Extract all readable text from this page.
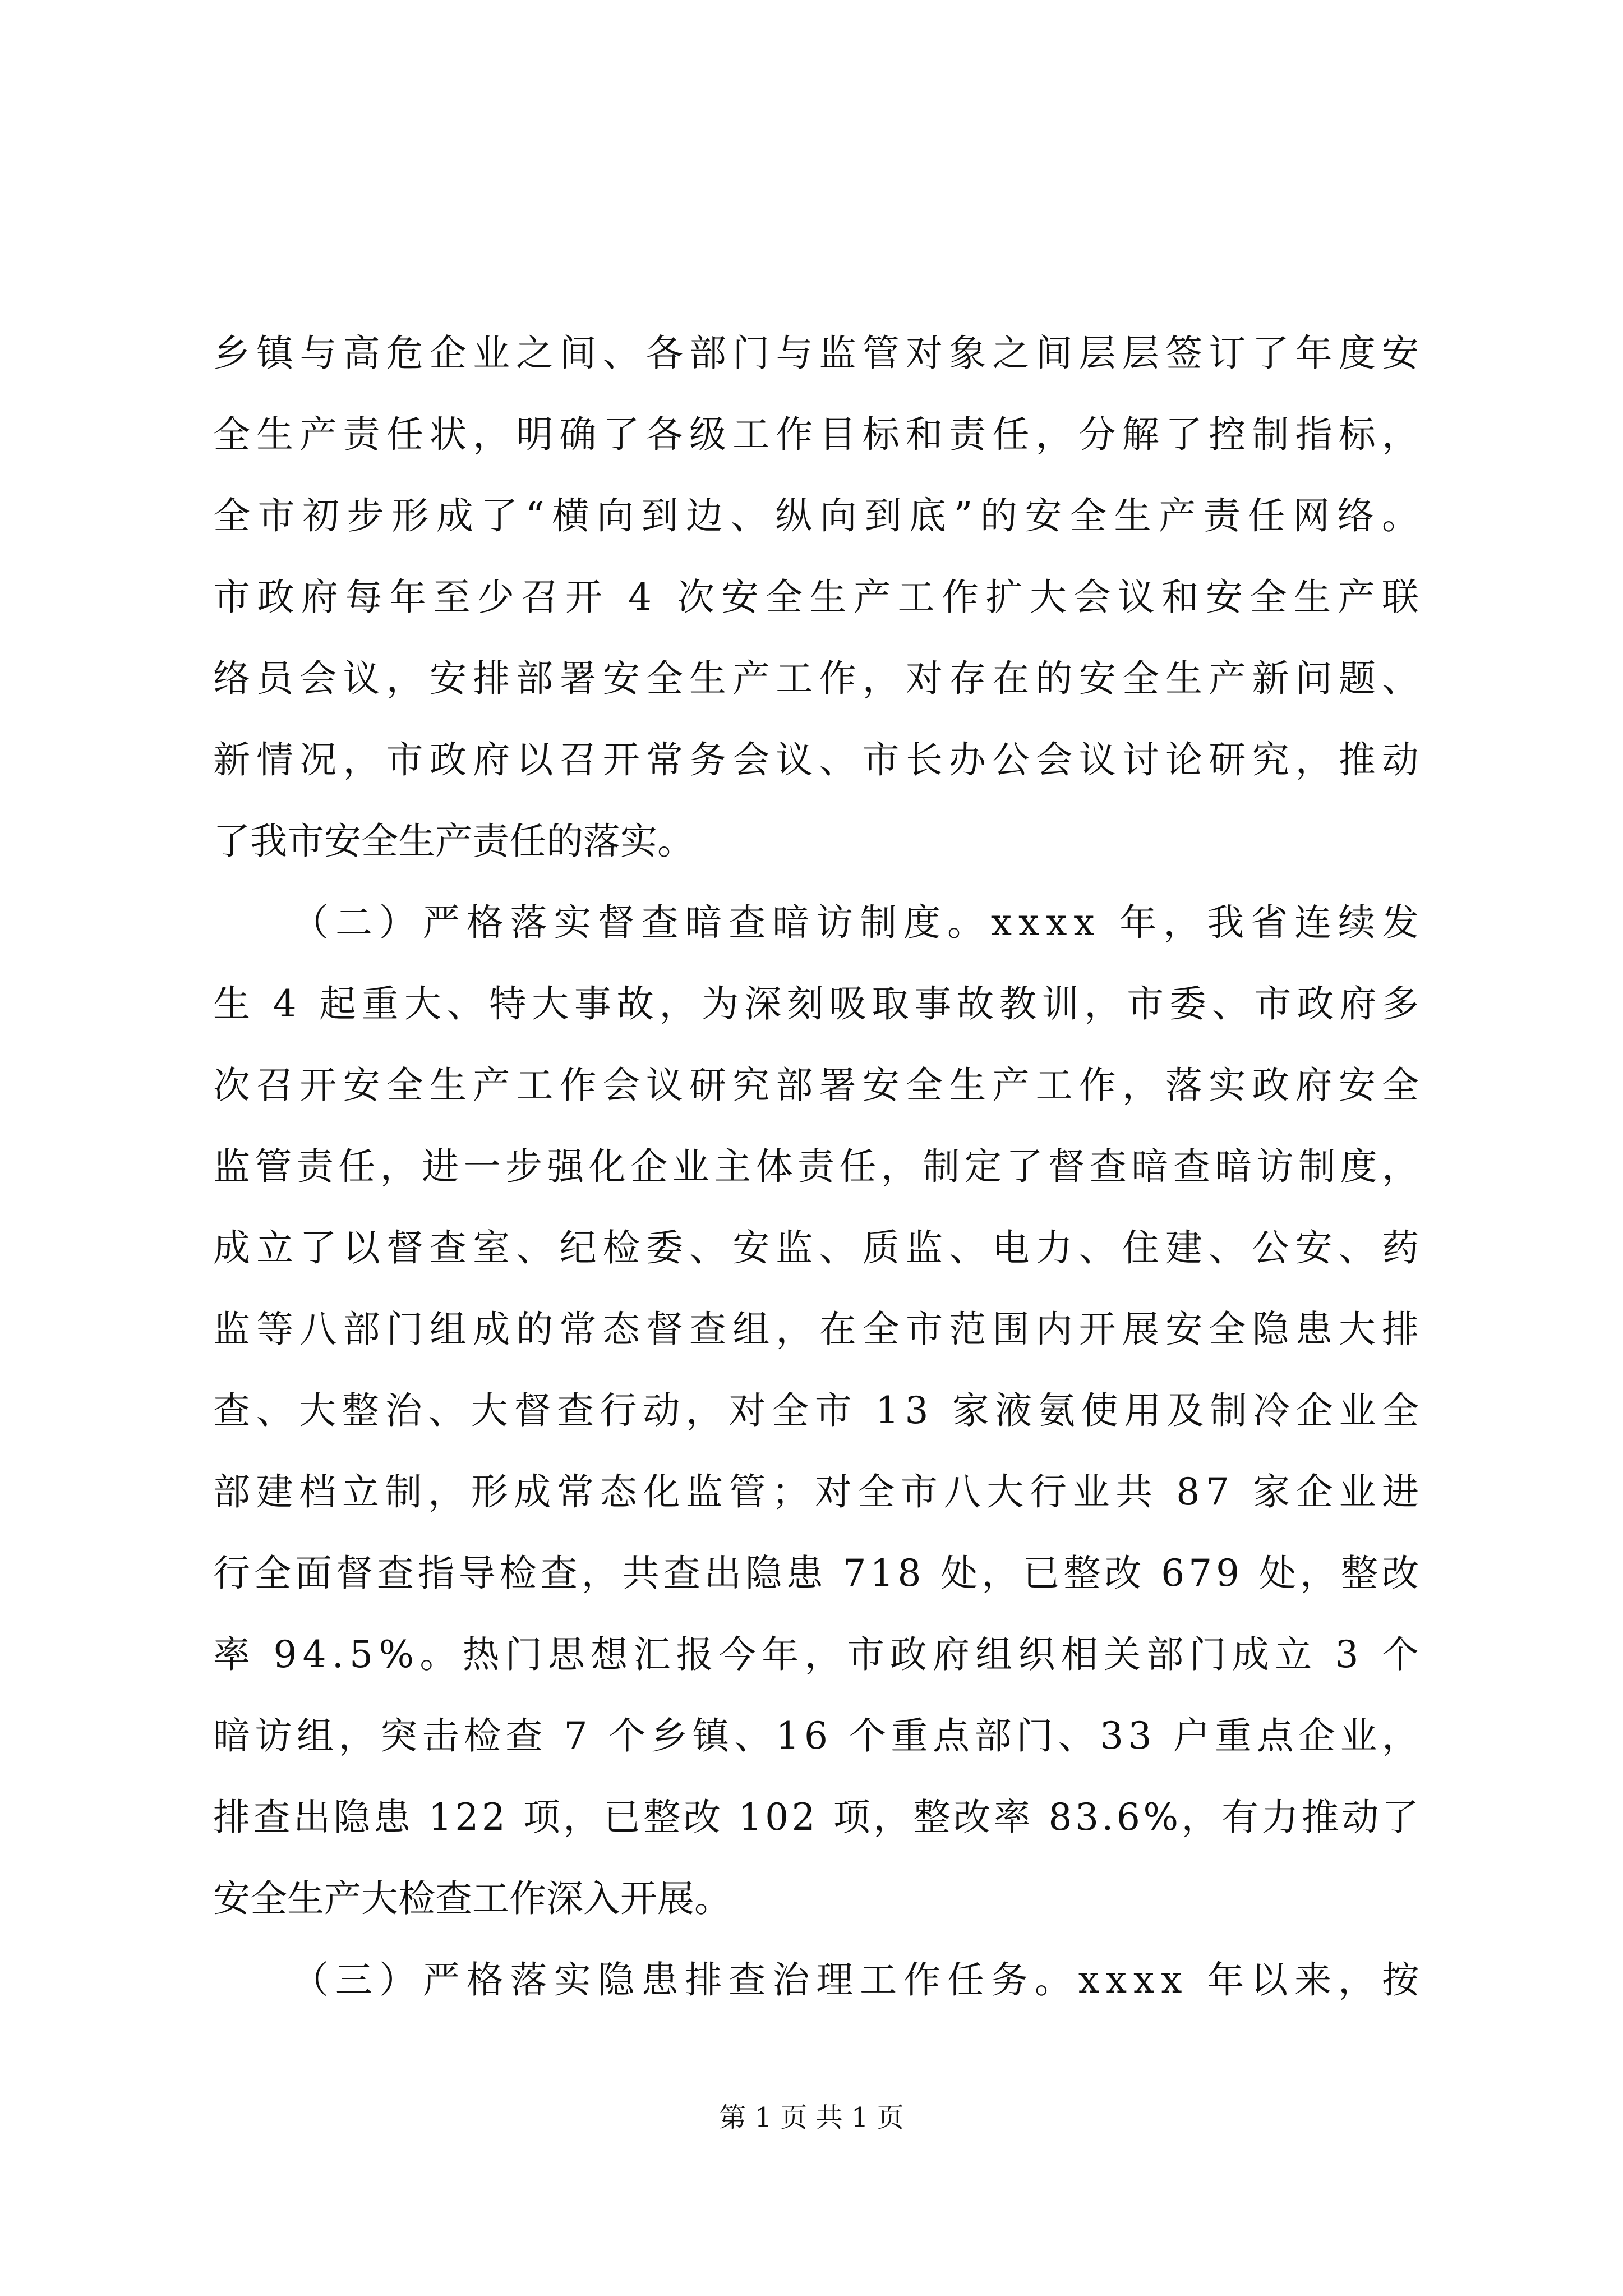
乡镇与高危企业之间、各部门与监管对象之间层层签订了年度安
全生产责任状，明确了各级工作目标和责任，分解了控制指标，
全市初步形成了“横向到边、纵向到底”的安全生产责任网络。
市政府每年至少召开 4 次安全生产工作扩大会议和安全生产联
络员会议，安排部署安全生产工作，对存在的安全生产新问题、
新情况，市政府以召开常务会议、市长办公会议讨论研究，推动
了我市安全生产责任的落实。
（二）严格落实督查暗查暗访制度。xxxx 年，我省连续发
生 4 起重大、特大事故，为深刻吸取事故教训，市委、市政府多
次召开安全生产工作会议研究部署安全生产工作，落实政府安全
监管责任，进一步强化企业主体责任，制定了督查暗查暗访制度，
成立了以督查室、纪检委、安监、质监、电力、住建、公安、药
监等八部门组成的常态督查组，在全市范围内开展安全隐患大排
查、大整治、大督查行动，对全市 13 家液氨使用及制冷企业全
部建档立制，形成常态化监管；对全市八大行业共 87 家企业进
行全面督查指导检查，共查出隐患 718 处，已整改 679 处，整改
率 94.5%。热门思想汇报今年，市政府组织相关部门成立 3 个
暗访组，突击检查 7 个乡镇、16 个重点部门、33 户重点企业，
排查出隐患 122 项，已整改 102 项，整改率 83.6%，有力推动了
安全生产大检查工作深入开展。
（三）严格落实隐患排查治理工作任务。xxxx 年以来，按
第 1 页 共 1 页
